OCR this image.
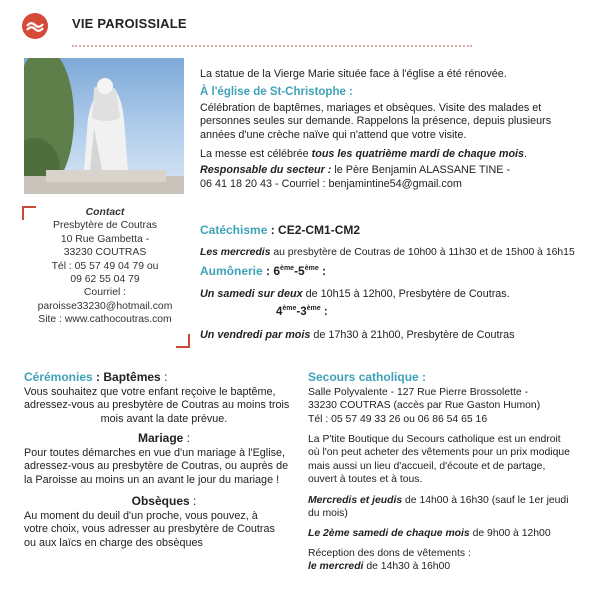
VIE PAROISSIALE
Contact
Presbytère de Coutras
10 Rue Gambetta -
33230 COUTRAS
Tél : 05 57 49 04 79 ou
09 62 55 04 79
Courriel :
paroisse33230@hotmail.com
Site : www.cathocoutras.com
La statue de la Vierge Marie située face à l'église a été rénovée.
À l'église de St-Christophe :
Célébration de baptêmes, mariages et obsèques. Visite des malades et
personnes seules sur demande. Rappelons la présence, depuis plusieurs
années d'une crèche naïve qui n'attend que votre visite.
La messe est célébrée tous les quatrième mardi de chaque mois.
Responsable du secteur : le Père Benjamin ALASSANE TINE -
06 41 18 20 43 - Courriel : benjamintine54@gmail.com
Catéchisme : CE2-CM1-CM2
Les mercredis au presbytère de Coutras de 10h00 à 11h30 et de 15h00 à 16h15
Aumônerie : 6ème-5ème :
Un samedi sur deux de 10h15 à 12h00, Presbytère de Coutras.
4ème-3ème :
Un vendredi par mois de 17h30 à 21h00, Presbytère de Coutras
Cérémonies : Baptêmes :
Vous souhaitez que votre enfant reçoive le baptême,
adressez-vous au presbytère de Coutras au moins trois
mois avant la date prévue.
Mariage :
Pour toutes démarches en vue d'un mariage à l'Eglise,
adressez-vous au presbytère de Coutras, ou auprès de
la Paroisse au moins un an avant le jour du mariage !
Obsèques :
Au moment du deuil d'un proche, vous pouvez, à
votre choix, vous adresser au presbytère de Coutras
ou aux laïcs en charge des obsèques
Secours catholique :
Salle Polyvalente - 127 Rue Pierre Brossolette -
33230 COUTRAS (accès par Rue Gaston Humon)
Tél : 05 57 49 33 26 ou 06 86 54 65 16
La P'tite Boutique du Secours catholique est un endroit
où l'on peut acheter des vêtements pour un prix modique
mais aussi un lieu d'accueil, d'écoute et de partage,
ouvert à toutes et à tous.
Mercredis et jeudis de 14h00 à 16h30 (sauf le 1er jeudi
du mois)
Le 2ème samedi de chaque mois de 9h00 à 12h00
Réception des dons de vêtements :
le mercredi de 14h30 à 16h00
